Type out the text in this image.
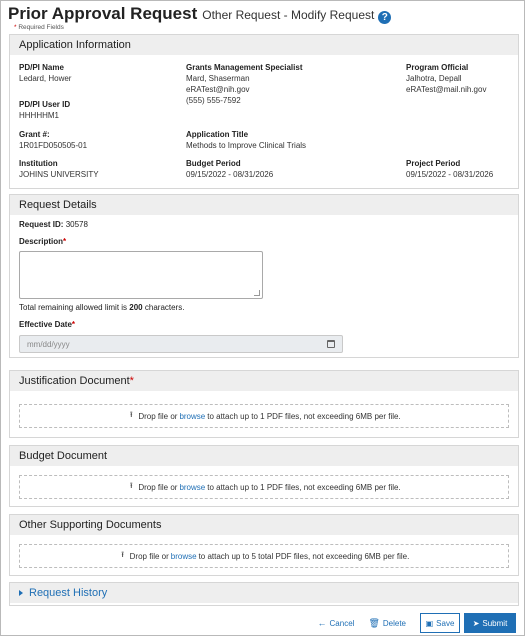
Prior Approval Request Other Request - Modify Request ?
* Required Fields
Application Information
PD/PI Name
Ledard, Hower
Grants Management Specialist
Mard, Shaserman
eRATest@nih.gov
(555) 555-7592
Program Official
Jalhotra, Depall
eRATest@mail.nih.gov
PD/PI User ID
HHHHHM1
Grant #:
1R01FD050505-01
Application Title
Methods to Improve Clinical Trials
Institution
JOHINS UNIVERSITY
Budget Period
09/15/2022 - 08/31/2026
Project Period
09/15/2022 - 08/31/2026
Request Details
Request ID: 30578
Description*
Total remaining allowed limit is 200 characters.
Effective Date*
mm/dd/yyyy
Justification Document*
⭱ Drop file or browse to attach up to 1 PDF files, not exceeding 6MB per file.
Budget Document
⭱ Drop file or browse to attach up to 1 PDF files, not exceeding 6MB per file.
Other Supporting Documents
⭱ Drop file or browse to attach up to 5 total PDF files, not exceeding 6MB per file.
Request History
← Cancel 🗑 Delete ▣ Save ➤ Submit
